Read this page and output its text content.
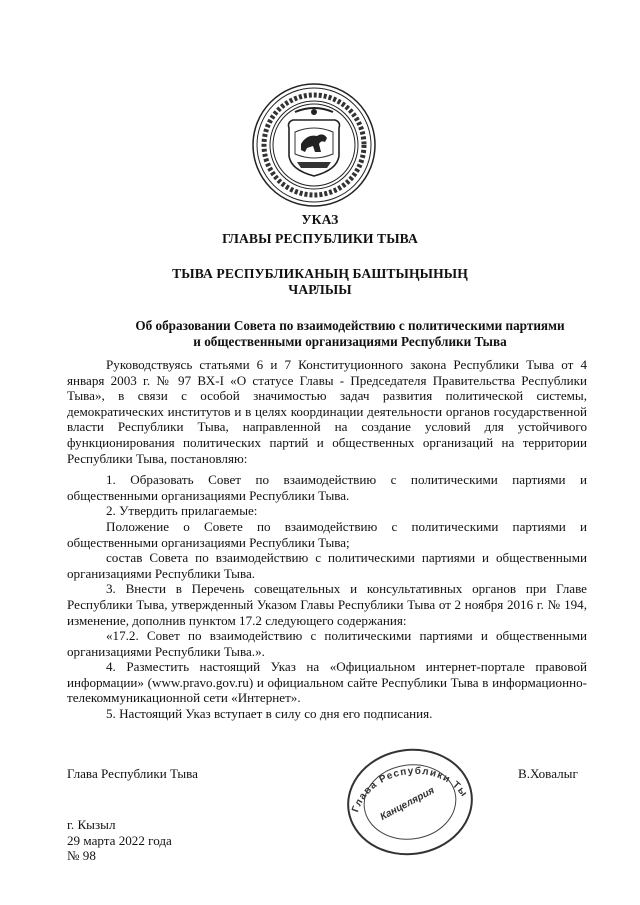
УКАЗ
ГЛАВЫ РЕСПУБЛИКИ ТЫВА
ТЫВА РЕСПУБЛИКАНЫҢ БАШТЫҢЫНЫҢ
ЧАРЛЫЫ
Об образовании Совета по взаимодействию с политическими партиями
и общественными организациями Республики Тыва

Руководствуясь статьями 6 и 7 Конституционного закона Республики Тыва от 4 января 2003 г. № 97 ВХ-I «О статусе Главы - Председателя Правительства Республики Тыва», в связи с особой значимостью задач развития политической системы, демократических институтов и в целях координации деятельности органов государственной власти Республики Тыва, направленной на создание условий для устойчивого функционирования политических партий и общественных организаций на территории Республики Тыва, постановляю:

1. Образовать Совет по взаимодействию с политическими партиями и общественными организациями Республики Тыва.

2. Утвердить прилагаемые:

Положение о Совете по взаимодействию с политическими партиями и общественными организациями Республики Тыва;

состав Совета по взаимодействию с политическими партиями и общественными организациями Республики Тыва.

3. Внести в Перечень совещательных и консультативных органов при Главе Республики Тыва, утвержденный Указом Главы Республики Тыва от 2 ноября 2016 г. № 194, изменение, дополнив пунктом 17.2 следующего содержания:

«17.2. Совет по взаимодействию с политическими партиями и общественными организациями Республики Тыва.».

4. Разместить настоящий Указ на «Официальном интернет-портале правовой информации» (www.pravo.gov.ru) и официальном сайте Республики Тыва в информационно-телекоммуникационной сети «Интернет».

5. Настоящий Указ вступает в силу со дня его подписания.

Глава Республики Тыва	В.Ховалыг
Глава Республики Тыва
Канцелярия
г. Кызыл
29 марта 2022 года
№ 98
